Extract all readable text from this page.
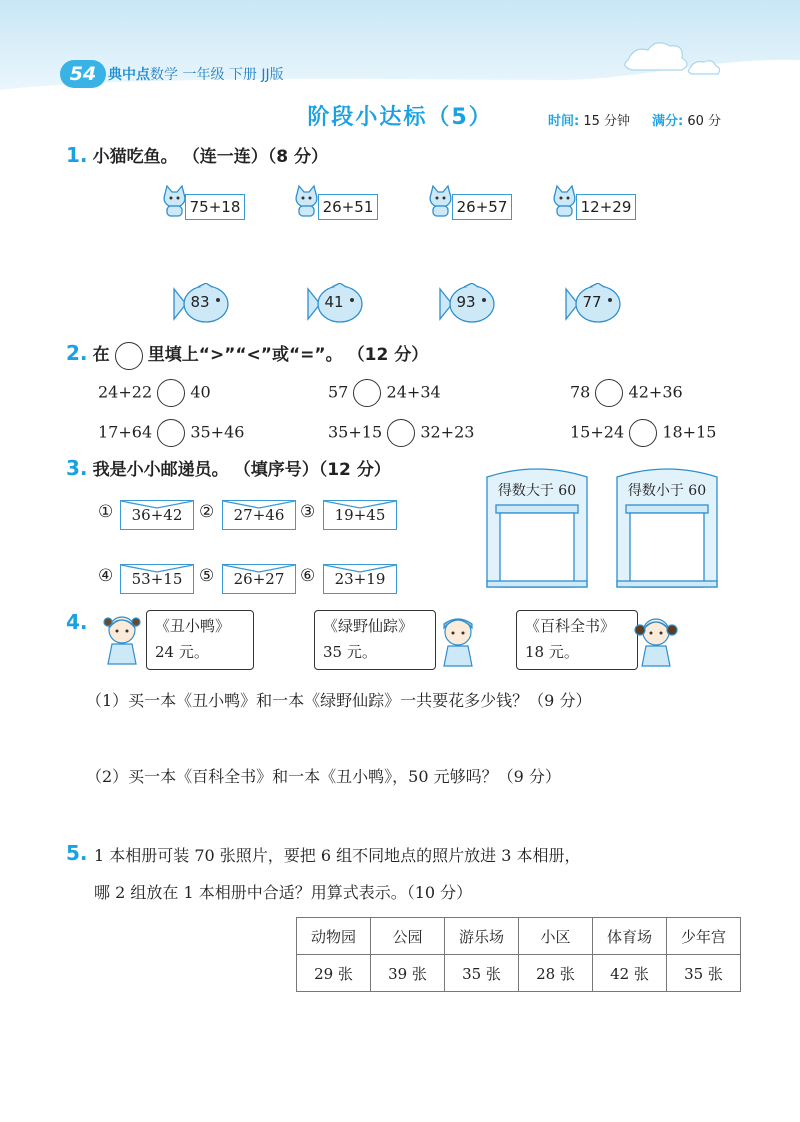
54 典中点 数学 一年级 下册 JJ版
阶段小达标（5）	时间: 15 分钟 满分: 60 分
1. 小猫吃鱼。 （连一连）（8 分）
75+18	26+51	26+57	12+29
83	41	93	77
2. 在 里填上“>”“<”或“=”。 （12 分）
24+22 40	57 24+34	78 42+36
17+64 35+46	35+15 32+23	15+24 18+15
3. 我是小小邮递员。 （填序号）（12 分）
①	36+42 ②	27+46 ③	19+45
④	53+15 ⑤	26+27 ⑥	23+19
得数大于 60	得数小于 60
4.	《丑小鸭》
24 元。
《绿野仙踪》
35 元。
《百科全书》
18 元。
（1）买一本《丑小鸭》和一本《绿野仙踪》一共要花多少钱？（9 分）
（2）买一本《百科全书》和一本《丑小鸭》，50 元够吗？（9 分）
5. 1 本相册可装 70 张照片，要把 6 组不同地点的照片放进 3 本相册，
哪 2 组放在 1 本相册中合适？用算式表示。（10 分）
动物园	公园	游乐场	小区	体育场	少年宫
29 张	39 张	35 张	28 张	42 张	35 张
